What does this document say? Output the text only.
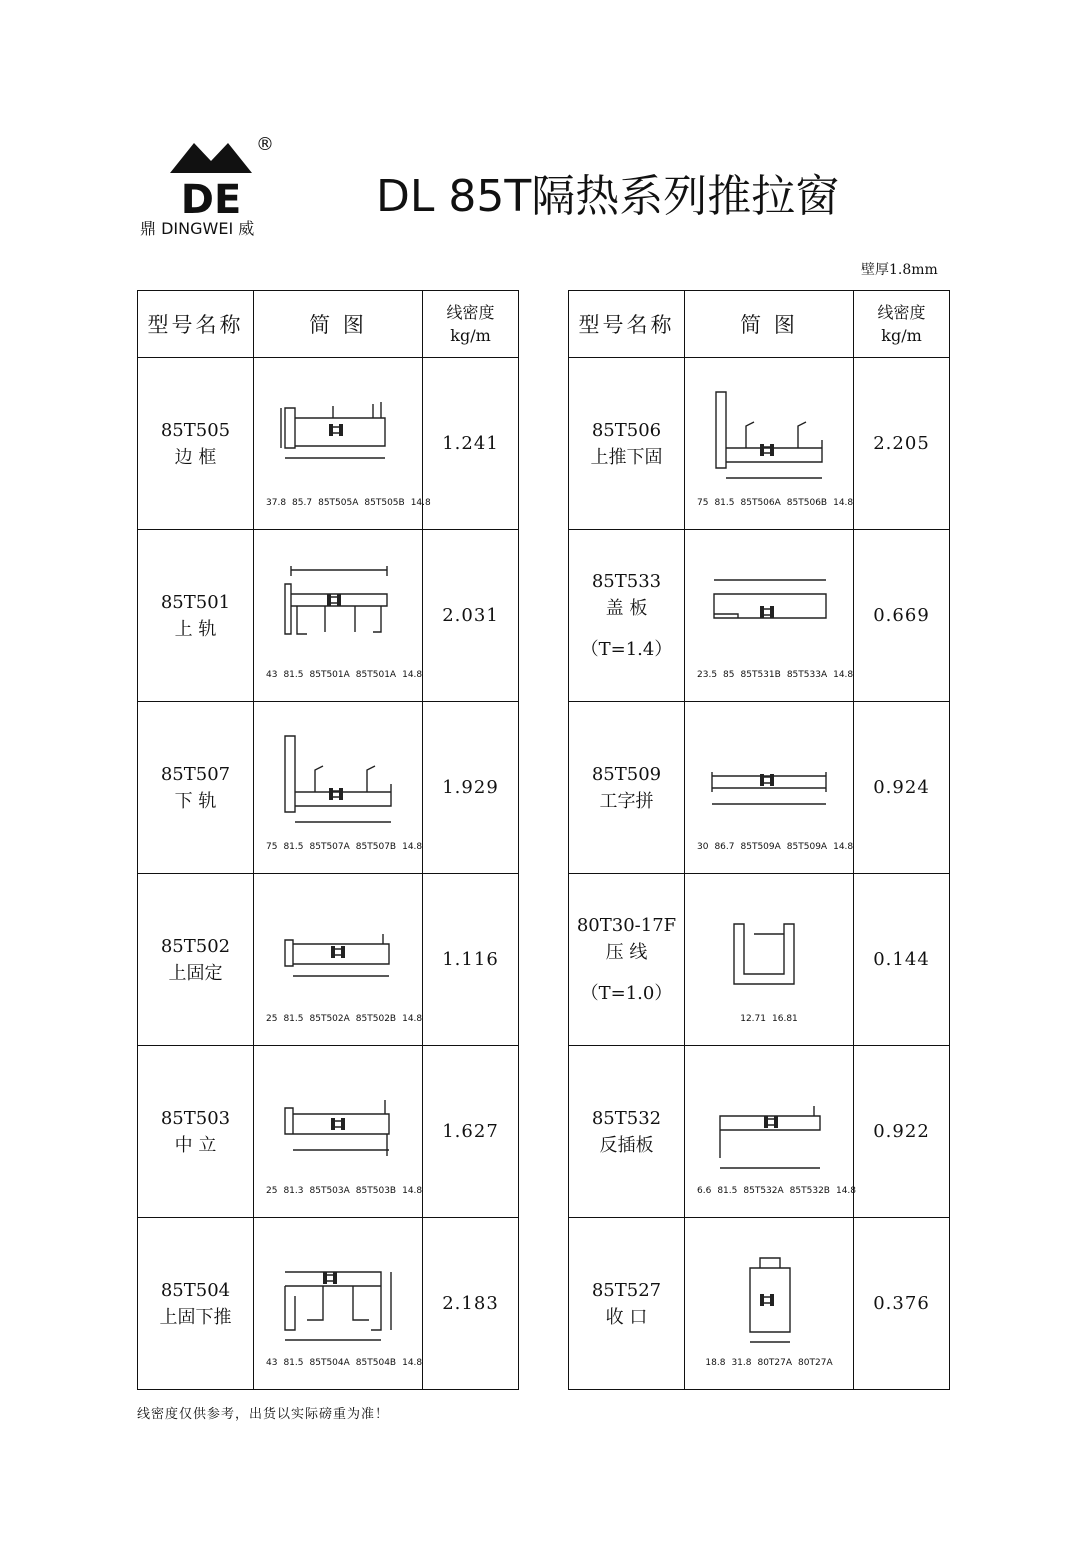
DE
®
鼎 DINGWEI 威
DL 85T隔热系列推拉窗
壁厚1.8mm
型号名称	简 图	线密度
kg/m

85T505
边 框	37.8 85.7 85T505A 85T505B 14.8	1.241

85T501
上 轨	43 81.5 85T501A 85T501A 14.8	2.031

85T507
下 轨	75 81.5 85T507A 85T507B 14.8	1.929

85T502
上固定	25 81.5 85T502A 85T502B 14.8	1.116

85T503
中 立	25 81.3 85T503A 85T503B 14.8	1.627

85T504
上固下推	43 81.5 85T504A 85T504B 14.8	2.183
型号名称	简 图	线密度
kg/m

85T506
上推下固	75 81.5 85T506A 85T506B 14.8	2.205

85T533
盖 板
（T=1.4）	23.5 85 85T531B 85T533A 14.8	0.669

85T509
工字拼	30 86.7 85T509A 85T509A 14.8	0.924

80T30-17F
压 线
（T=1.0）	12.71 16.81	0.144

85T532
反插板	6.6 81.5 85T532A 85T532B 14.8	0.922

85T527
收 口	18.8 31.8 80T27A 80T27A	0.376
线密度仅供参考，出货以实际磅重为准！
